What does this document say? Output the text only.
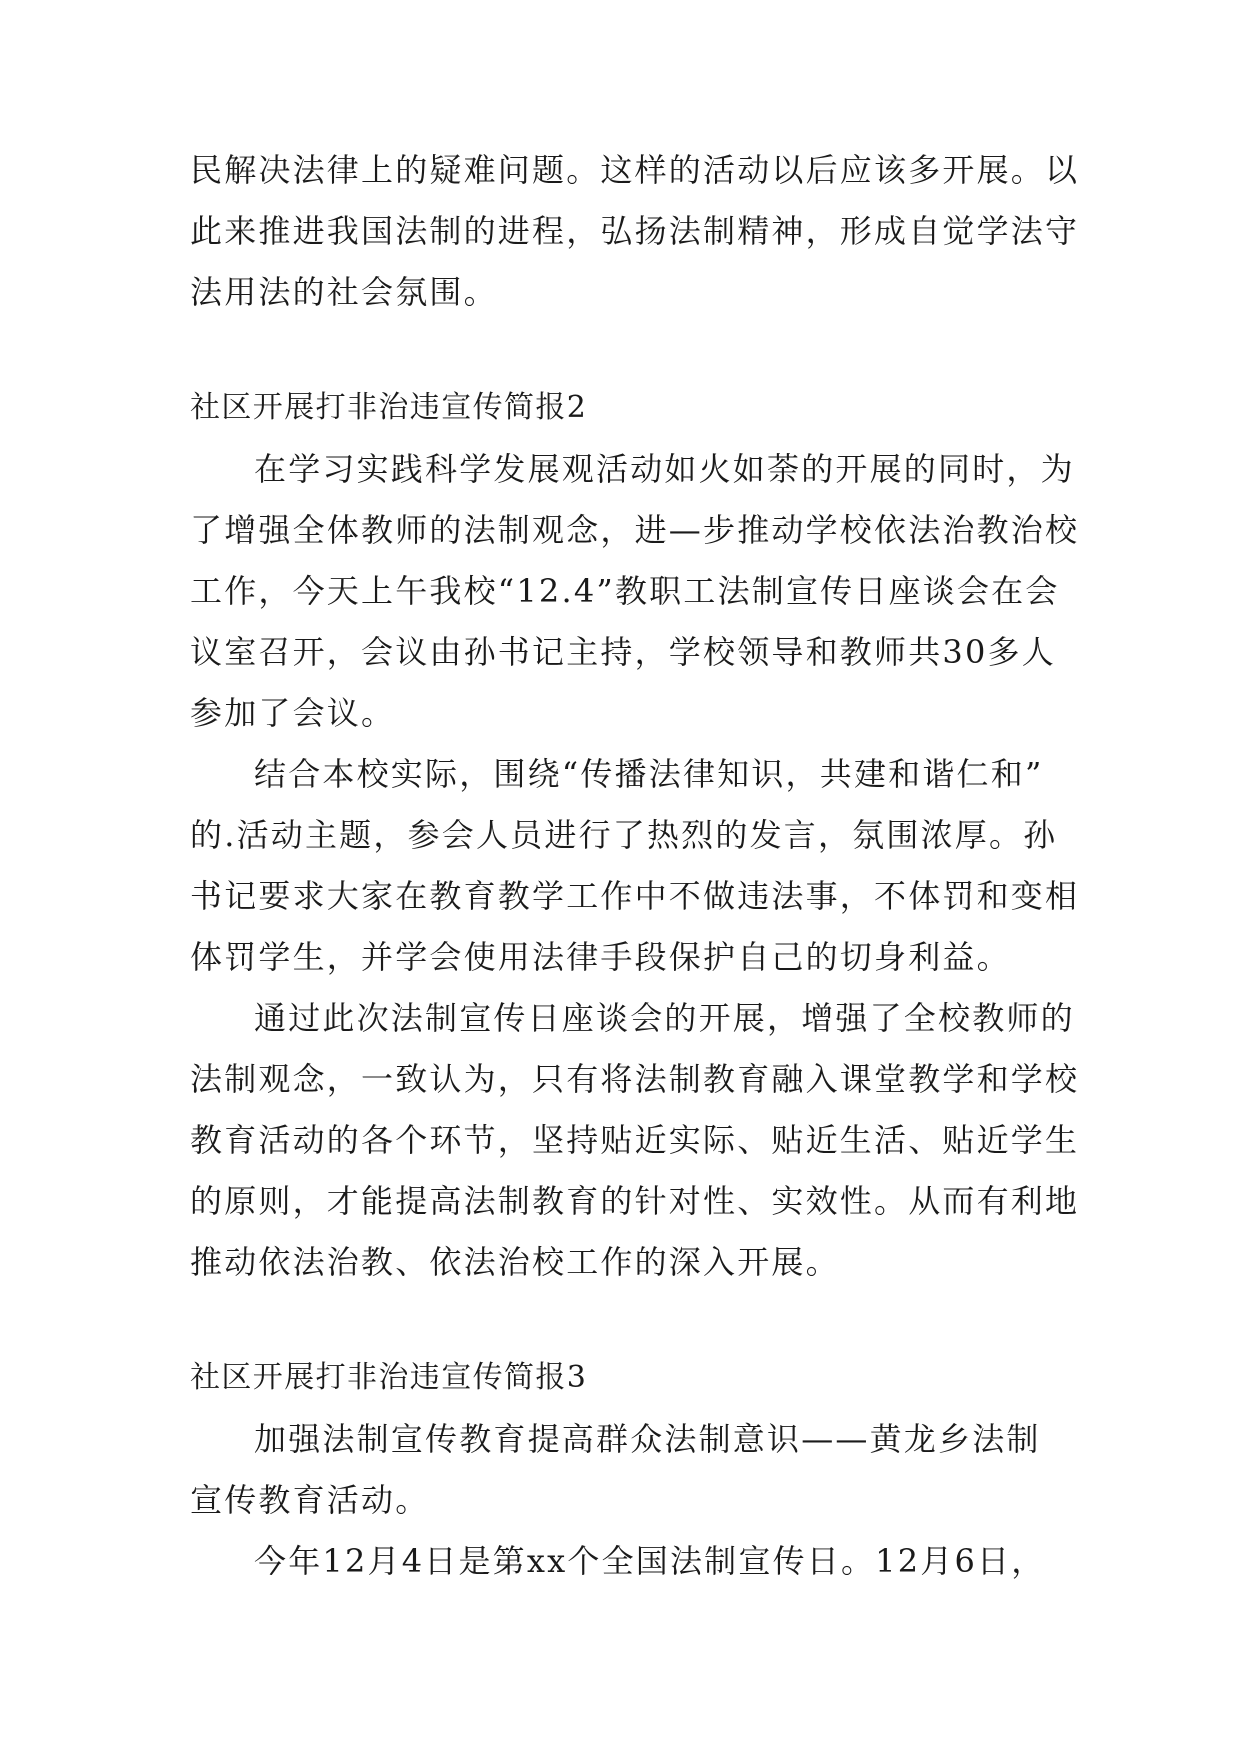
民解决法律上的疑难问题。这样的活动以后应该多开展。以
此来推进我国法制的进程，弘扬法制精神，形成自觉学法守
法用法的社会氛围。
社区开展打非治违宣传简报2
在学习实践科学发展观活动如火如荼的开展的同时，为
了增强全体教师的法制观念，进—步推动学校依法治教治校
工作，今天上午我校“12.4”教职工法制宣传日座谈会在会
议室召开，会议由孙书记主持，学校领导和教师共30多人
参加了会议。
结合本校实际，围绕“传播法律知识，共建和谐仁和”
的.活动主题，参会人员进行了热烈的发言，氛围浓厚。孙
书记要求大家在教育教学工作中不做违法事，不体罚和变相
体罚学生，并学会使用法律手段保护自己的切身利益。
通过此次法制宣传日座谈会的开展，增强了全校教师的
法制观念，一致认为，只有将法制教育融入课堂教学和学校
教育活动的各个环节，坚持贴近实际、贴近生活、贴近学生
的原则，才能提高法制教育的针对性、实效性。从而有利地
推动依法治教、依法治校工作的深入开展。
社区开展打非治违宣传简报3
加强法制宣传教育提高群众法制意识——黄龙乡法制
宣传教育活动。
今年12月4日是第xx个全国法制宣传日。12月6日，
